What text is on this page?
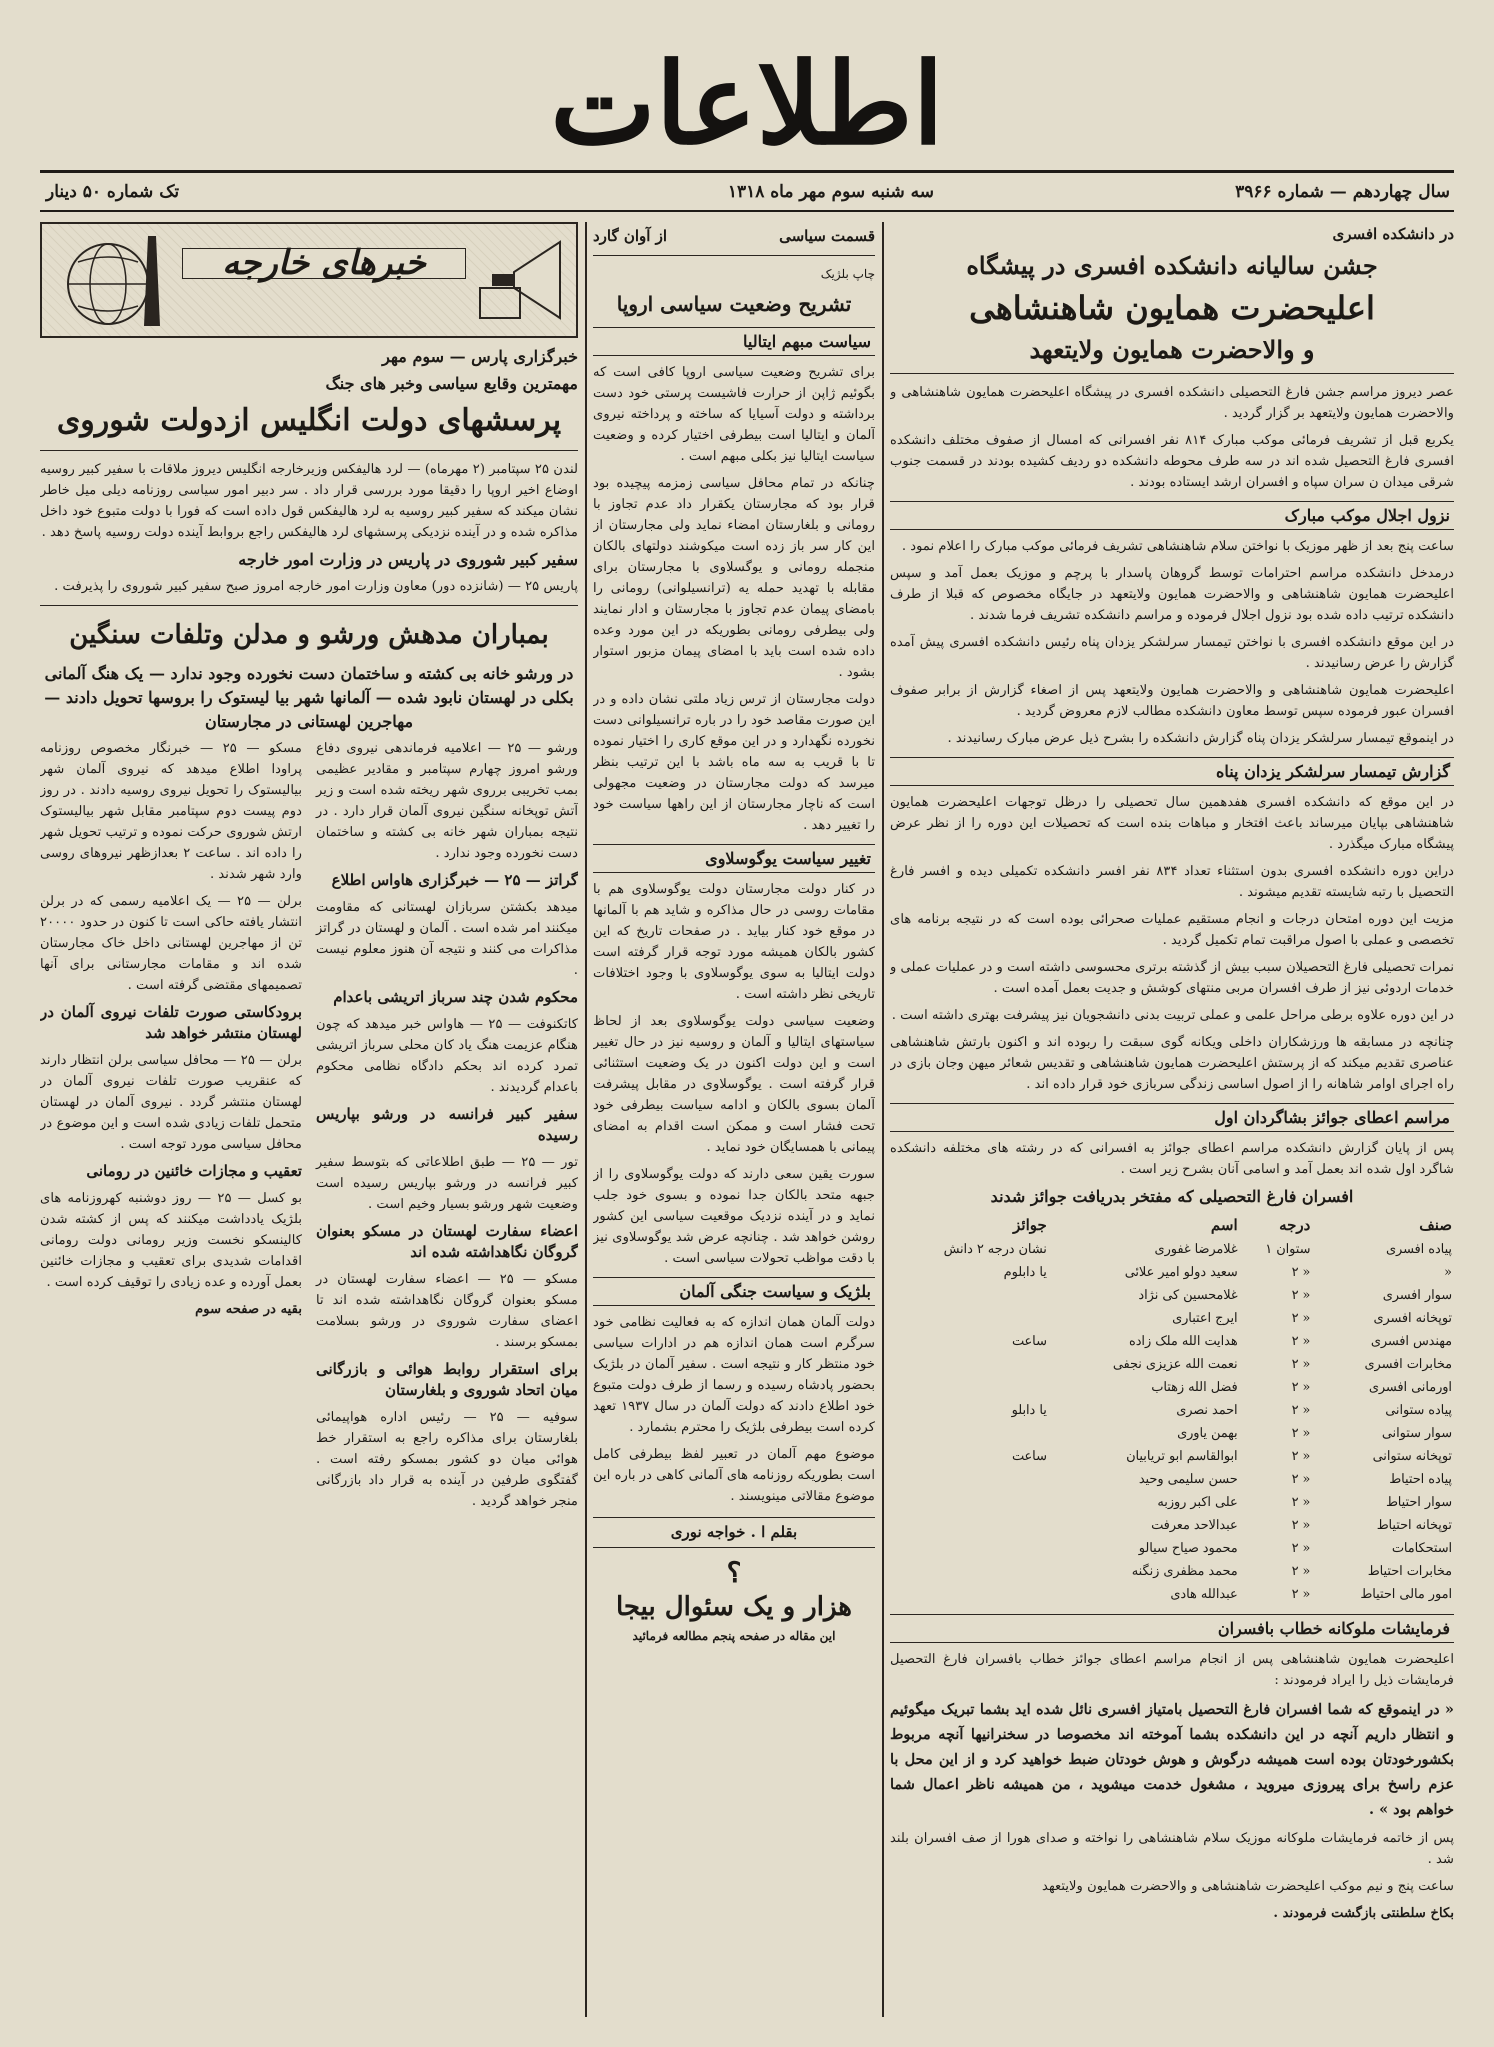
اطلاعات
سال چهاردهم — شماره ۳۹۶۶
سه شنبه سوم مهر ماه ۱۳۱۸
تک شماره ۵۰ دینار
در دانشکده افسری
جشن سالیانه دانشکده افسری در پیشگاه
اعلیحضرت همایون شاهنشاهی
و والاحضرت همایون ولایتعهد

عصر دیروز مراسم جشن فارغ التحصیلی دانشکده افسری در پیشگاه اعلیحضرت همایون شاهنشاهی و والاحضرت همایون ولایتعهد بر گزار گردید .

یکربع قبل از تشریف فرمائی موکب مبارک ۸۱۴ نفر افسرانی که امسال از صفوف مختلف دانشکده افسری فارغ التحصیل شده اند در سه طرف محوطه دانشکده دو ردیف کشیده بودند در قسمت جنوب شرقی میدان ن سران سپاه و افسران ارشد ایستاده بودند .

نزول اجلال موکب مبارک

ساعت پنج بعد از ظهر موزیک با نواختن سلام شاهنشاهی تشریف فرمائی موکب مبارک را اعلام نمود .

درمدخل دانشکده مراسم احترامات توسط گروهان پاسدار با پرچم و موزیک بعمل آمد و سپس اعلیحضرت همایون شاهنشاهی و والاحضرت همایون ولایتعهد در جایگاه مخصوص که قبلا از طرف دانشکده ترتیب داده شده بود نزول اجلال فرموده و مراسم دانشکده تشریف فرما شدند .

در این موقع دانشکده افسری با نواختن تیمسار سرلشکر یزدان پناه رئیس دانشکده افسری پیش آمده گزارش را عرض رسانیدند .

اعلیحضرت همایون شاهنشاهی و والاحضرت همایون ولایتعهد پس از اصغاء گزارش از برابر صفوف افسران عبور فرموده سپس توسط معاون دانشکده مطالب لازم معروض گردید .

در اینموقع تیمسار سرلشکر یزدان پناه گزارش دانشکده را بشرح ذیل عرض مبارک رسانیدند .

گزارش تیمسار سرلشکر یزدان پناه

در این موقع که دانشکده افسری هفدهمین سال تحصیلی را درظل توجهات اعلیحضرت همایون شاهنشاهی بپایان میرساند باعث افتخار و مباهات بنده است که تحصیلات این دوره را از نظر عرض پیشگاه مبارک میگذرد .

دراین دوره دانشکده افسری بدون استثناء تعداد ۸۳۴ نفر افسر دانشکده تکمیلی دیده و افسر فارغ التحصیل با رتبه شایسته تقدیم میشوند .

مزیت این دوره امتحان درجات و انجام مستقیم عملیات صحرائی بوده است که در نتیجه برنامه های تخصصی و عملی با اصول مراقبت تمام تکمیل گردید .

نمرات تحصیلی فارغ التحصیلان سبب بیش از گذشته برتری محسوسی داشته است و در عملیات عملی و خدمات اردوئی نیز از طرف افسران مربی منتهای کوشش و جدیت بعمل آمده است .

در این دوره علاوه برطی مراحل علمی و عملی تربیت بدنی دانشجویان نیز پیشرفت بهتری داشته است .

چنانچه در مسابقه ها ورزشکاران داخلی ویکانه گوی سبقت را ربوده اند و اکنون بارتش شاهنشاهی عناصری تقدیم میکند که از پرستش اعلیحضرت همایون شاهنشاهی و تقدیس شعائر میهن وجان بازی در راه اجرای اوامر شاهانه را از اصول اساسی زندگی سربازی خود قرار داده اند .

مراسم اعطای جوائز بشاگردان اول

پس از پایان گزارش دانشکده مراسم اعطای جوائز به افسرانی که در رشته های مختلفه دانشکده شاگرد اول شده اند بعمل آمد و اسامی آنان بشرح زیر است .

افسران فارغ التحصیلی که مفتخر بدریافت جوائز شدند
صنف	درجه	اسم	جوائز
پیاده افسری	ستوان ۱	غلامرضا غفوری	نشان درجه ۲ دانش
«	« ۲	سعید دولو امیر علائی	یا دابلوم
سوار افسری	« ۲	غلامحسین کی نژاد	
توپخانه افسری	« ۲	ایرج اعتباری	
مهندس افسری	« ۲	هدایت الله ملک زاده	ساعت
مخابرات افسری	« ۲	نعمت الله عزیزی نجفی	
اورمانی افسری	« ۲	فضل الله زهتاب	
پیاده ستوانی	« ۲	احمد نصری	یا دابلو
سوار ستوانی	« ۲	بهمن یاوری	
توپخانه ستوانی	« ۲	ابوالقاسم ابو تریابیان	ساعت
پیاده احتیاط	« ۲	حسن سلیمی وحید	
سوار احتیاط	« ۲	علی اکبر روزبه	
توپخانه احتیاط	« ۲	عبدالاحد معرفت	
استحکامات	« ۲	محمود صیاح سیالو	
مخابرات احتیاط	« ۲	محمد مظفری زنگنه	
امور مالی احتیاط	« ۲	عبدالله هادی	
فرمایشات ملوکانه خطاب بافسران

اعلیحضرت همایون شاهنشاهی پس از انجام مراسم اعطای جوائز خطاب بافسران فارغ التحصیل فرمایشات ذیل را ایراد فرمودند :

« در اینموقع که شما افسران فارغ التحصیل بامتیاز افسری نائل شده اید بشما تبریک میگوئیم و انتظار داریم آنچه در این دانشکده بشما آموخته اند مخصوصا در سخنرانیها آنچه مربوط بکشورخودتان بوده است همیشه درگوش و هوش خودتان ضبط خواهید کرد و از این محل با عزم راسخ برای پیروزی میروید ، مشغول خدمت میشوید ، من همیشه ناظر اعمال شما خواهم بود » .

پس از خاتمه فرمایشات ملوکانه موزیک سلام شاهنشاهی را نواخته و صدای هورا از صف افسران بلند شد .

ساعت پنج و نیم موکب اعلیحضرت شاهنشاهی و والاحضرت همایون ولایتعهد

بکاخ سلطنتی بازگشت فرمودند .

قسمت سیاسی
از آوان گارد
چاپ بلژیک
تشریح وضعیت سیاسی اروپا
سیاست مبهم ایتالیا

برای تشریح وضعیت سیاسی اروپا کافی است که بگوئیم ژاپن از حرارت فاشیست پرستی خود دست برداشته و دولت آسیایا که ساخته و پرداخته نیروی آلمان و ایتالیا است بیطرفی اختیار کرده و وضعیت سیاست ایتالیا نیز بکلی مبهم است .

چنانکه در تمام محافل سیاسی زمزمه پیچیده بود قرار بود که مجارستان یکقرار داد عدم تجاوز با رومانی و بلغارستان امضاء نماید ولی مجارستان از این کار سر باز زده است میکوشند دولتهای بالکان منجمله رومانی و یوگسلاوی با مجارستان برای مقابله با تهدید حمله یه (ترانسیلوانی) رومانی را بامضای پیمان عدم تجاوز با مجارستان و ادار نمایند ولی بیطرفی رومانی بطوریکه در این مورد وعده داده شده است باید با امضای پیمان مزبور استوار بشود .

دولت مجارستان از ترس زیاد ملتی نشان داده و در این صورت مقاصد خود را در باره ترانسیلوانی دست نخورده نگهدارد و در این موقع کاری را اختیار نموده تا با قریب به سه ماه باشد با این ترتیب بنظر میرسد که دولت مجارستان در وضعیت مجهولی است که ناچار مجارستان از این راهها سیاست خود را تغییر دهد .

تغییر سیاست یوگوسلاوی

در کنار دولت مجارستان دولت یوگوسلاوی هم با مقامات روسی در حال مذاکره و شاید هم با آلمانها در موقع خود کنار بیاید . در صفحات تاریخ که این کشور بالکان همیشه مورد توجه قرار گرفته است دولت ایتالیا به سوی یوگوسلاوی با وجود اختلافات تاریخی نظر داشته است .

وضعیت سیاسی دولت یوگوسلاوی بعد از لحاظ سیاستهای ایتالیا و آلمان و روسیه نیز در حال تغییر است و این دولت اکنون در یک وضعیت استثنائی قرار گرفته است . یوگوسلاوی در مقابل پیشرفت آلمان بسوی بالکان و ادامه سیاست بیطرفی خود تحت فشار است و ممکن است اقدام به امضای پیمانی با همسایگان خود نماید .

سورت يقين سعی دارند که دولت یوگوسلاوی را از جبهه متحد بالکان جدا نموده و بسوی خود جلب نماید و در آینده نزدیک موقعیت سیاسی این کشور روشن خواهد شد . چنانچه عرض شد یوگوسلاوی نیز با دقت مواظب تحولات سیاسی است .

بلژیک و سیاست جنگی آلمان

دولت آلمان همان اندازه که به فعالیت نظامی خود سرگرم است همان اندازه هم در ادارات سیاسی خود منتظر کار و نتیجه است . سفیر آلمان در بلژیک بحضور پادشاه رسیده و رسما از طرف دولت متبوع خود اطلاع دادند که دولت آلمان در سال ۱۹۳۷ تعهد کرده است بیطرفی بلژیک را محترم بشمارد .

موضوع مهم آلمان در تعبیر لفظ بیطرفی کامل است بطوریکه روزنامه های آلمانی کاهی در باره این موضوع مقالاتی مینویسند .

بقلم ا . خواجه نوری
؟
هزار و یک سئوال بیجا
این مقاله در صفحه پنجم مطالعه فرمائید
خبرهای خارجه
خبرگزاری پارس — سوم مهر
مهمترین وقایع سیاسی وخبر های جنگ
پرسشهای دولت انگلیس ازدولت شوروی

لندن ۲۵ سپتامبر (۲ مهرماه) — لرد هالیفکس وزیرخارجه انگلیس دیروز ملاقات با سفیر کبیر روسیه اوضاع اخیر اروپا را دقیقا مورد بررسی قرار داد . سر دبیر امور سیاسی روزنامه دیلی میل خاطر نشان میکند که سفیر کبیر روسیه به لرد هالیفکس قول داده است که فورا با دولت متبوع خود داخل مذاکره شده و در آینده نزدیکی پرسشهای لرد هالیفکس راجع بروابط آینده دولت روسیه پاسخ دهد .

سفیر کبیر شوروی در پاریس در وزارت امور خارجه

پاریس ۲۵ — (شانزده دور) معاون وزارت امور خارجه امروز صبح سفیر کبیر شوروی را پذیرفت .

بمباران مدهش ورشو و مدلن وتلفات سنگین
در ورشو خانه بی کشته و ساختمان دست نخورده وجود ندارد — یک هنگ آلمانی بکلی در لهستان نابود شده — آلمانها شهر بیا لیستوک را بروسها تحویل دادند — مهاجرین لهستانی در مجارستان

ورشو — ۲۵ — اعلامیه فرماندهی نیروی دفاع ورشو امروز چهارم سپتامبر و مقادیر عظیمی بمب تخریبی برروی شهر ریخته شده است و زیر آتش توپخانه سنگین نیروی آلمان قرار دارد . در نتیجه بمباران شهر خانه بی کشته و ساختمان دست نخورده وجود ندارد .

گراتز — ۲۵ — خبرگزاری هاواس اطلاع

میدهد بکشتن سربازان لهستانی که مقاومت میکنند امر شده است . آلمان و لهستان در گراتز مذاکرات می کنند و نتیجه آن هنوز معلوم نیست .

محکوم شدن چند سرباز اتریشی باعدام

کاتکنوفت — ۲۵ — هاواس خبر میدهد که چون هنگام عزیمت هنگ یاد کان محلی سرباز اتریشی تمرد کرده اند بحکم دادگاه نظامی محکوم باعدام گردیدند .

سفیر کبیر فرانسه در ورشو بپاریس رسیده

تور — ۲۵ — طبق اطلاعاتی که بتوسط سفیر کبیر فرانسه در ورشو بپاریس رسیده است وضعیت شهر ورشو بسیار وخیم است .

اعضاء سفارت لهستان در مسکو بعنوان گروگان نگاهداشته شده اند

مسکو — ۲۵ — اعضاء سفارت لهستان در مسکو بعنوان گروگان نگاهداشته شده اند تا اعضای سفارت شوروی در ورشو بسلامت بمسکو برسند .

برای استقرار روابط هوائی و بازرگانی میان اتحاد شوروی و بلغارستان

سوفیه — ۲۵ — رئیس اداره هواپیمائی بلغارستان برای مذاکره راجع به استقرار خط هوائی میان دو کشور بمسکو رفته است . گفتگوی طرفین در آینده به قرار داد بازرگانی منجر خواهد گردید .

مسکو — ۲۵ — خبرنگار مخصوص روزنامه پراودا اطلاع میدهد که نیروی آلمان شهر بیالیستوک را تحویل نیروی روسیه دادند . در روز دوم پیست دوم سپتامبر مقابل شهر بیالیستوک ارتش شوروی حرکت نموده و ترتیب تحویل شهر را داده اند . ساعت ۲ بعدازظهر نیروهای روسی وارد شهر شدند .

برلن — ۲۵ — یک اعلامیه رسمی که در برلن انتشار یافته حاکی است تا کنون در حدود ۲۰۰۰۰ تن از مهاجرین لهستانی داخل خاک مجارستان شده اند و مقامات مجارستانی برای آنها تصمیمهای مقتضی گرفته است .

برودکاستی صورت تلفات نیروی آلمان در لهستان منتشر خواهد شد

برلن — ۲۵ — محافل سیاسی برلن انتظار دارند که عنقریب صورت تلفات نیروی آلمان در لهستان منتشر گردد . نیروی آلمان در لهستان متحمل تلفات زیادی شده است و این موضوع در محافل سیاسی مورد توجه است .

تعقیب و مجازات خائنین در رومانی

بو کسل — ۲۵ — روز دوشنبه کهروزنامه های بلژیک یادداشت میکنند که پس از کشته شدن کالینسکو نخست وزیر رومانی دولت رومانی اقدامات شدیدی برای تعقیب و مجازات خائنین بعمل آورده و عده زیادی را توقیف کرده است .

بقیه در صفحه سوم
